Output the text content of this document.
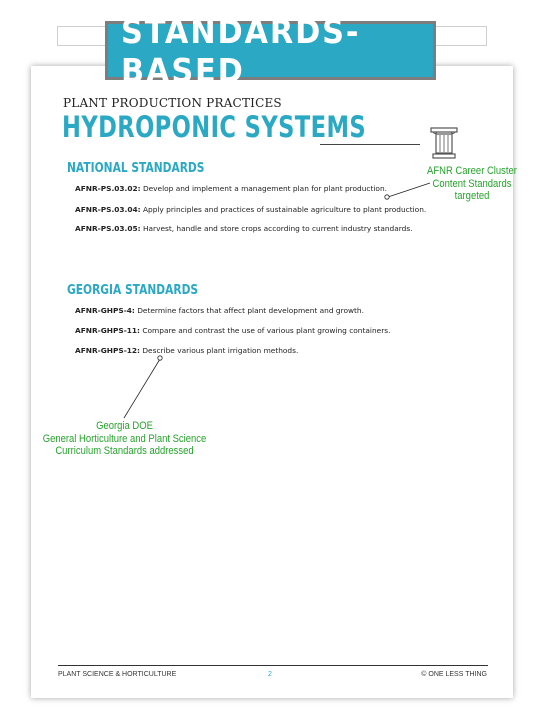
STANDARDS-BASED
PLANT PRODUCTION PRACTICES
HYDROPONIC SYSTEMS
NATIONAL STANDARDS
AFNR-PS.03.02: Develop and implement a management plan for plant production.
AFNR-PS.03.04: Apply principles and practices of sustainable agriculture to plant production.
AFNR-PS.03.05: Harvest, handle and store crops according to current industry standards.
GEORGIA STANDARDS
AFNR-GHPS-4: Determine factors that affect plant development and growth.
AFNR-GHPS-11: Compare and contrast the use of various plant growing containers.
AFNR-GHPS-12: Describe various plant irrigation methods.
AFNR Career Cluster
Content Standards
targeted
Georgia DOE
General Horticulture and Plant Science
Curriculum Standards addressed
PLANT SCIENCE & HORTICULTURE	2	© ONE LESS THING
